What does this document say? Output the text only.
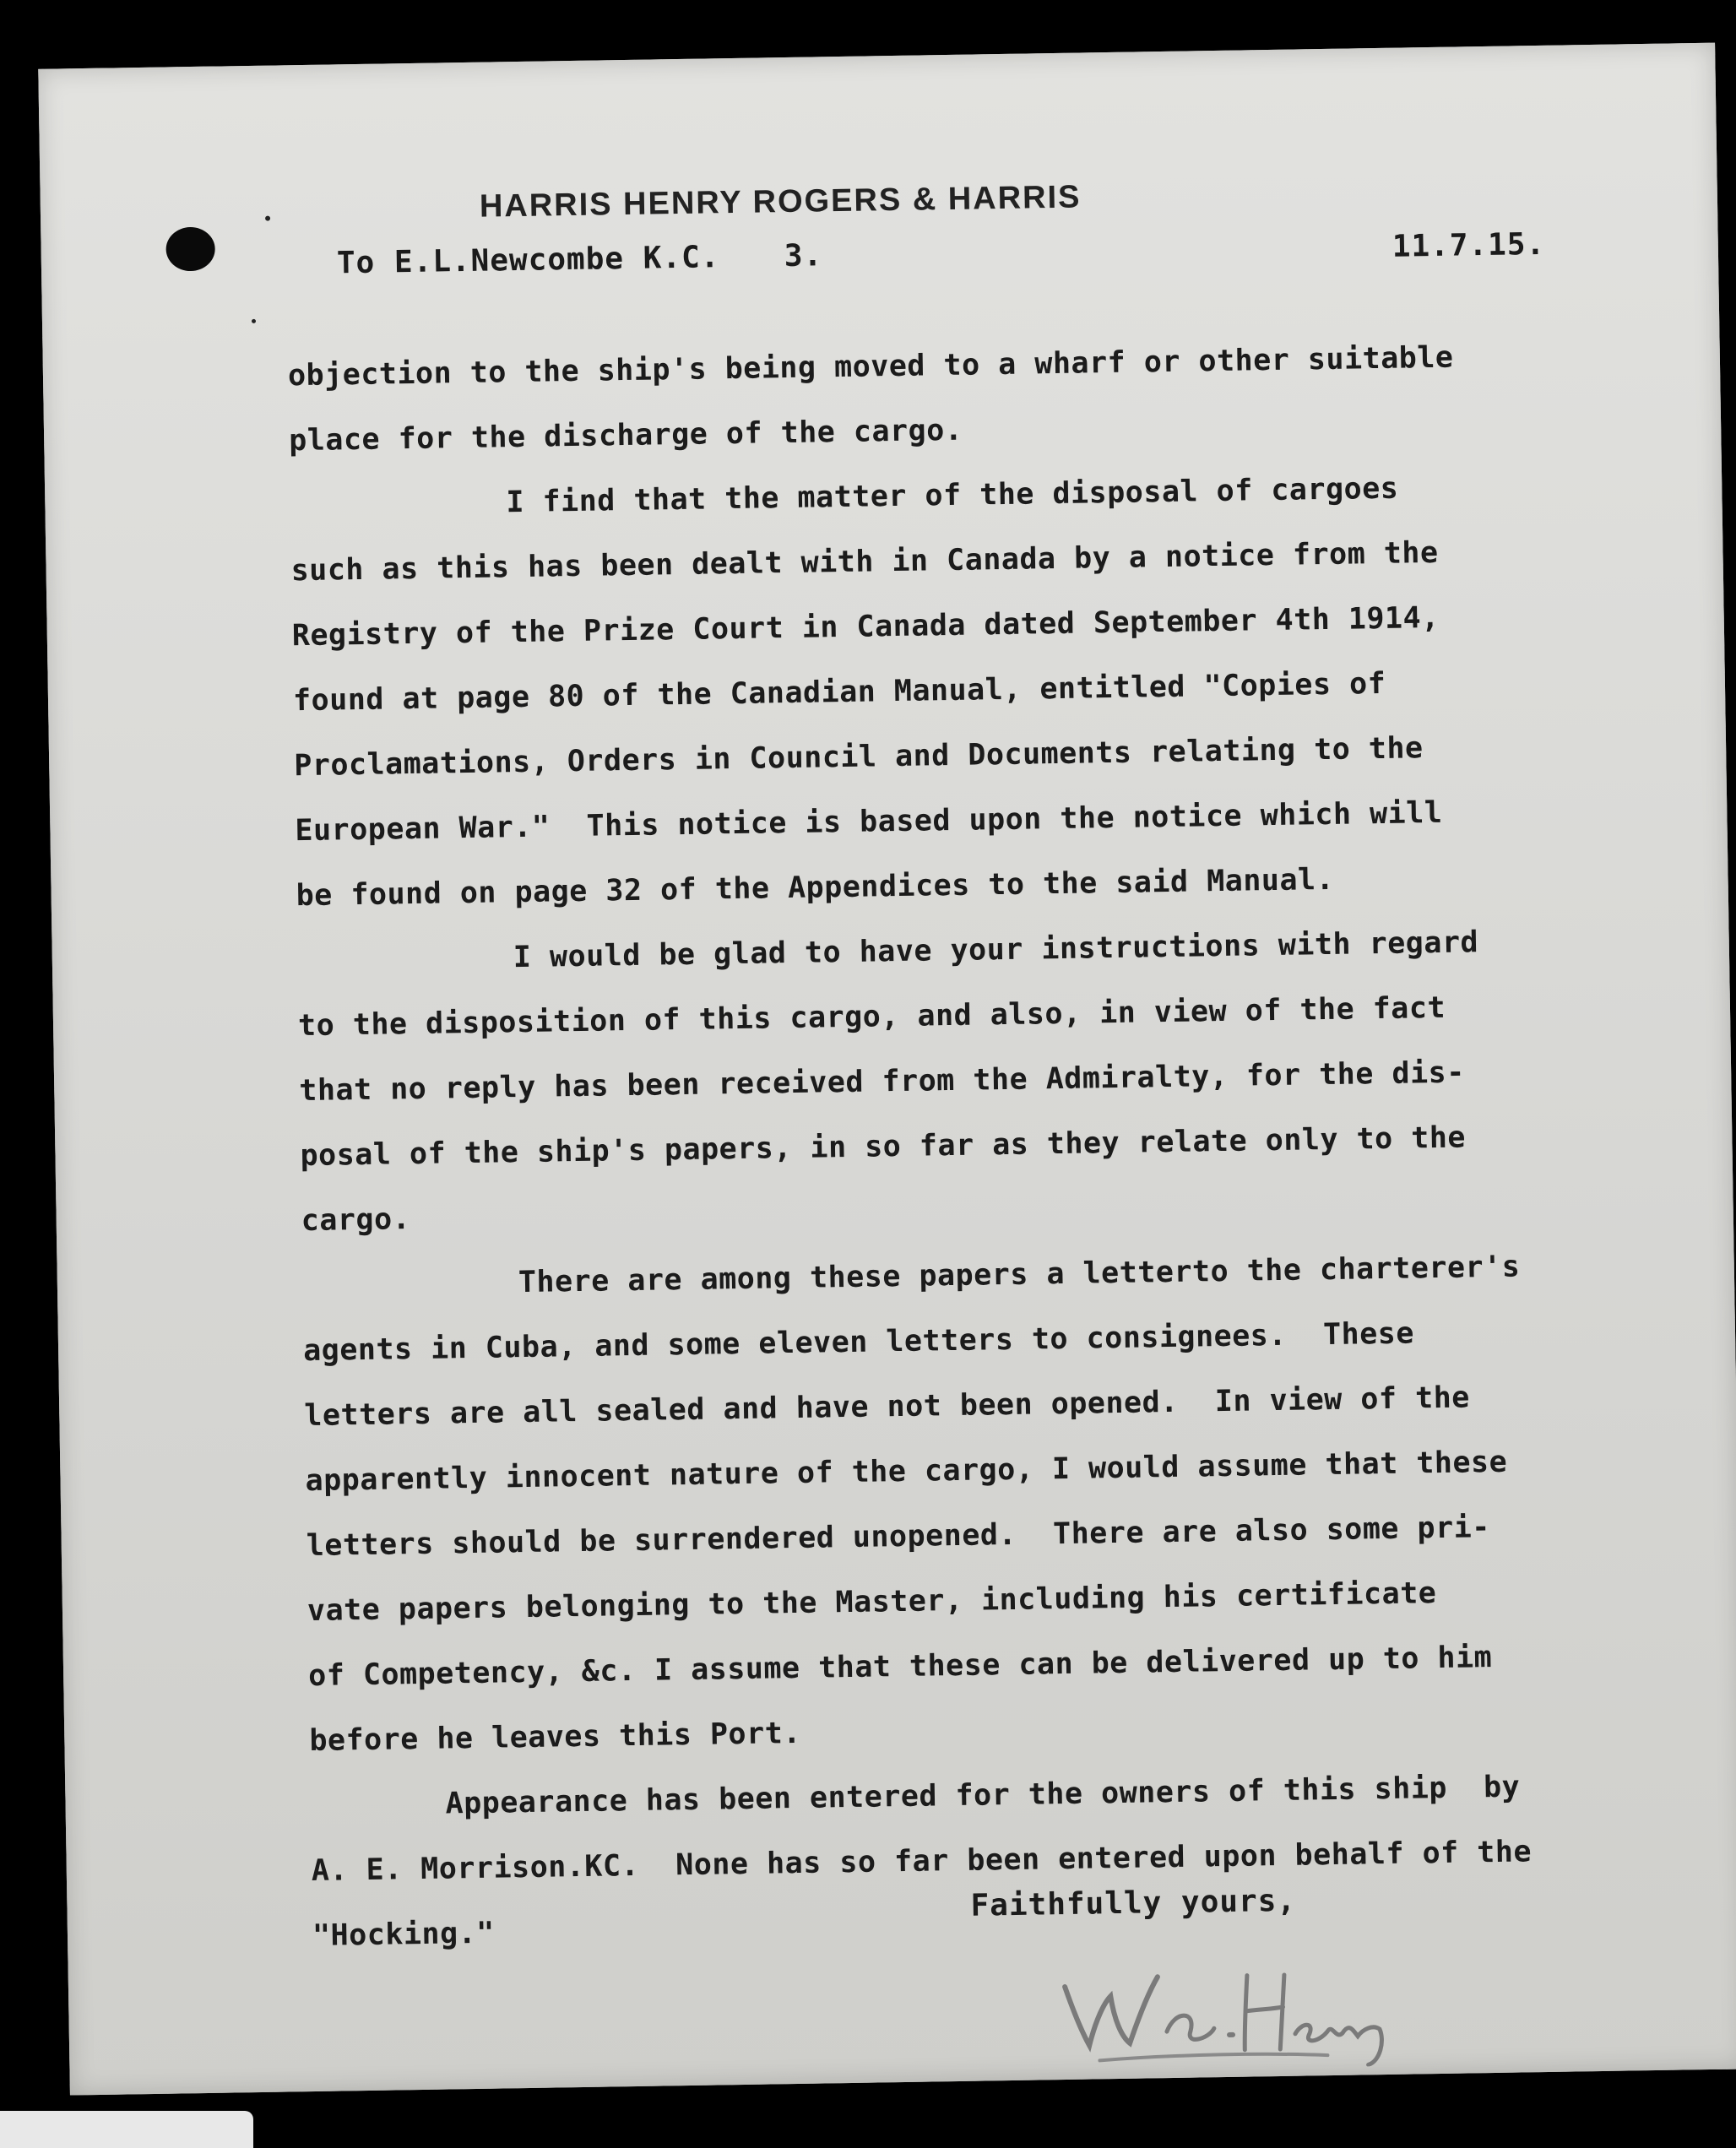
HARRIS HENRY ROGERS & HARRIS
To E.L.Newcombe K.C. 3.	11.7.15.
objection to the ship's being moved to a wharf or other suitable
place for the discharge of the cargo.
I find that the matter of the disposal of cargoes
such as this has been dealt with in Canada by a notice from the
Registry of the Prize Court in Canada dated September 4th 1914,
found at page 80 of the Canadian Manual, entitled "Copies of
Proclamations, Orders in Council and Documents relating to the
European War."  This notice is based upon the notice which will
be found on page 32 of the Appendices to the said Manual.
I would be glad to have your instructions with regard
to the disposition of this cargo, and also, in view of the fact
that no reply has been received from the Admiralty, for the dis-
posal of the ship's papers, in so far as they relate only to the
cargo.
There are among these papers a letterto the charterer's
agents in Cuba, and some eleven letters to consignees.  These
letters are all sealed and have not been opened.  In view of the
apparently innocent nature of the cargo, I would assume that these
letters should be surrendered unopened.  There are also some pri-
vate papers belonging to the Master, including his certificate
of Competency, &c. I assume that these can be delivered up to him
before he leaves this Port.
Appearance has been entered for the owners of this ship  by
A. E. Morrison.KC.  None has so far been entered upon behalf of the
"Hocking."
Faithfully yours,
